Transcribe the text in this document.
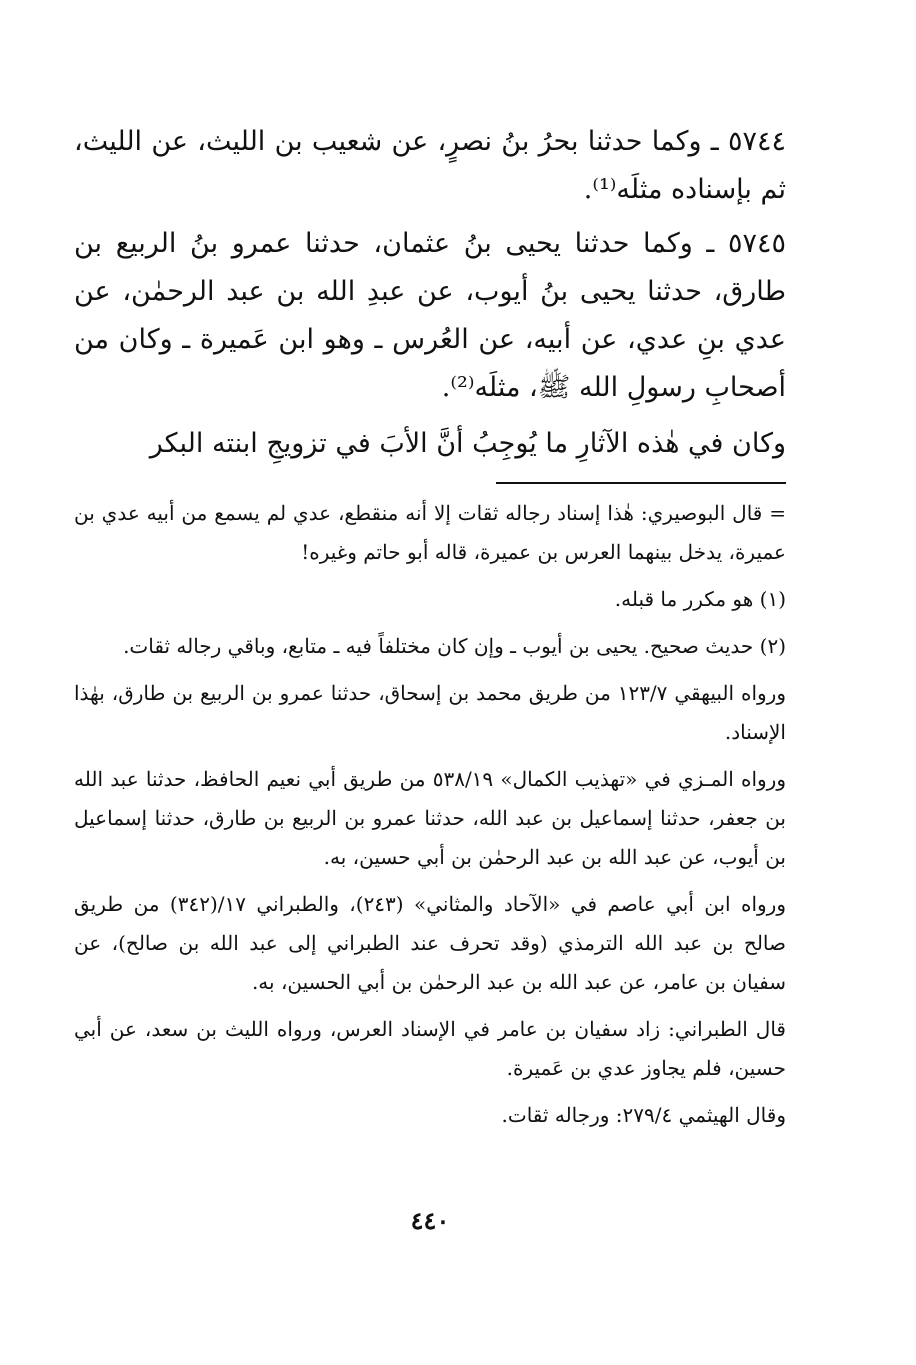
٥٧٤٤ ـ وكما حدثنا بحرُ بنُ نصرٍ، عن شعيب بن الليث، عن الليث، ثم بإسناده مثلَه⁽¹⁾.

٥٧٤٥ ـ وكما حدثنا يحيى بنُ عثمان، حدثنا عمرو بنُ الربيع بن طارق، حدثنا يحيى بنُ أيوب، عن عبدِ الله بن عبد الرحمٰن، عن عدي بنِ عدي، عن أبيه، عن العُرس ـ وهو ابن عَميرة ـ وكان من أصحابِ رسولِ الله ﷺ، مثلَه⁽²⁾.

وكان في هٰذه الآثارِ ما يُوجِبُ أنَّ الأبَ في تزويجِ ابنته البكر

= قال البوصيري: هٰذا إسناد رجاله ثقات إلا أنه منقطع، عدي لم يسمع من أبيه عدي بن عميرة، يدخل بينهما العرس بن عميرة، قاله أبو حاتم وغيره!

(١) هو مكرر ما قبله.

(٢) حديث صحيح. يحيى بن أيوب ـ وإن كان مختلفاً فيه ـ متابع، وباقي رجاله ثقات.

ورواه البيهقي ١٢٣/٧ من طريق محمد بن إسحاق، حدثنا عمرو بن الربيع بن طارق، بهٰذا الإسناد.

ورواه المـزي في «تهذيب الكمال» ٥٣٨/١٩ من طريق أبي نعيم الحافظ، حدثنا عبد الله بن جعفر، حدثنا إسماعيل بن عبد الله، حدثنا عمرو بن الربيع بن طارق، حدثنا إسماعيل بن أيوب، عن عبد الله بن عبد الرحمٰن بن أبي حسين، به.

ورواه ابن أبي عاصم في «الآحاد والمثاني» (٢٤٣)، والطبراني ١٧/(٣٤٢) من طريق صالح بن عبد الله الترمذي (وقد تحرف عند الطبراني إلى عبد الله بن صالح)، عن سفيان بن عامر، عن عبد الله بن عبد الرحمٰن بن أبي الحسين، به.

قال الطبراني: زاد سفيان بن عامر في الإسناد العرس، ورواه الليث بن سعد، عن أبي حسين، فلم يجاوز عدي بن عَميرة.

وقال الهيثمي ٢٧٩/٤: ورجاله ثقات.

٤٤٠
